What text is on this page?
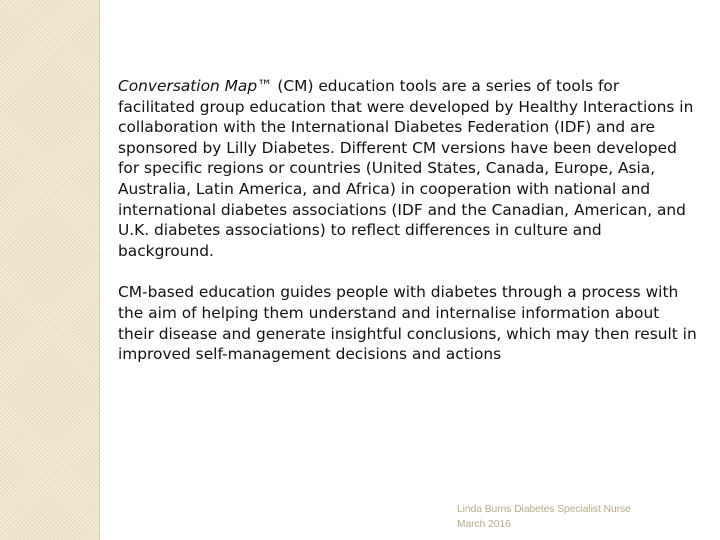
Conversation Map™ (CM) education tools are a series of tools for facilitated group education that were developed by Healthy Interactions in collaboration with the International Diabetes Federation (IDF) and are sponsored by Lilly Diabetes. Different CM versions have been developed for specific regions or countries (United States, Canada, Europe, Asia, Australia, Latin America, and Africa) in cooperation with national and international diabetes associations (IDF and the Canadian, American, and U.K. diabetes associations) to reflect differences in culture and background.

CM-based education guides people with diabetes through a process with the aim of helping them understand and internalise information about their disease and generate insightful conclusions, which may then result in improved self-management decisions and actions

Linda Burns Diabetes Specialist Nurse
March 2016
